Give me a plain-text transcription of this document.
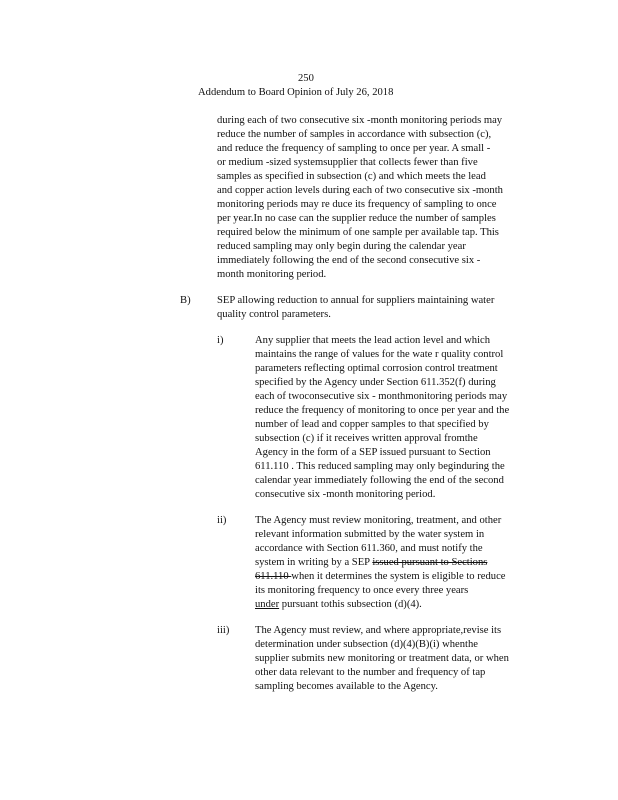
250
Addendum to Board Opinion of July 26, 2018
during each of two consecutive six -month monitoring periods may
reduce the number of samples in accordance with subsection (c),
and reduce the frequency of sampling to once per year. A small -
or medium -sized systemsupplier that collects fewer than five
samples as specified in subsection (c) and which meets the lead
and copper action levels during each of two consecutive six -month
monitoring periods may re duce its frequency of sampling to once
per year.In no case can the supplier reduce the number of samples
required below the minimum of one sample per available tap. This
reduced sampling may only begin during the calendar year
immediately following the end of the second consecutive six -
month monitoring period.
B) SEP allowing reduction to annual for suppliers maintaining water
quality control parameters.
i)	Any supplier that meets the lead action level and which
maintains the range of values for the wate r quality control
parameters reflecting optimal corrosion control treatment
specified by the Agency under Section 611.352(f) during
each of twoconsecutive six - monthmonitoring periods may
reduce the frequency of monitoring to once per year and the
number of lead and copper samples to that specified by
subsection (c) if it receives written approval fromthe
Agency in the form of a SEP issued pursuant to Section
611.110 . This reduced sampling may only beginduring the
calendar year immediately following the end of the second
consecutive six -month monitoring period.
ii)	The Agency must review monitoring, treatment, and other
relevant information submitted by the water system in
accordance with Section 611.360, and must notify the
system in writing by a SEP issued pursuant to Sections
611.110 when it determines the system is eligible to reduce
its monitoring frequency to once every three years
under pursuant tothis subsection (d)(4).
iii) The Agency must review, and where appropriate,revise its
determination under subsection (d)(4)(B)(i) whenthe
supplier submits new monitoring or treatment data, or when
other data relevant to the number and frequency of tap
sampling becomes available to the Agency.
